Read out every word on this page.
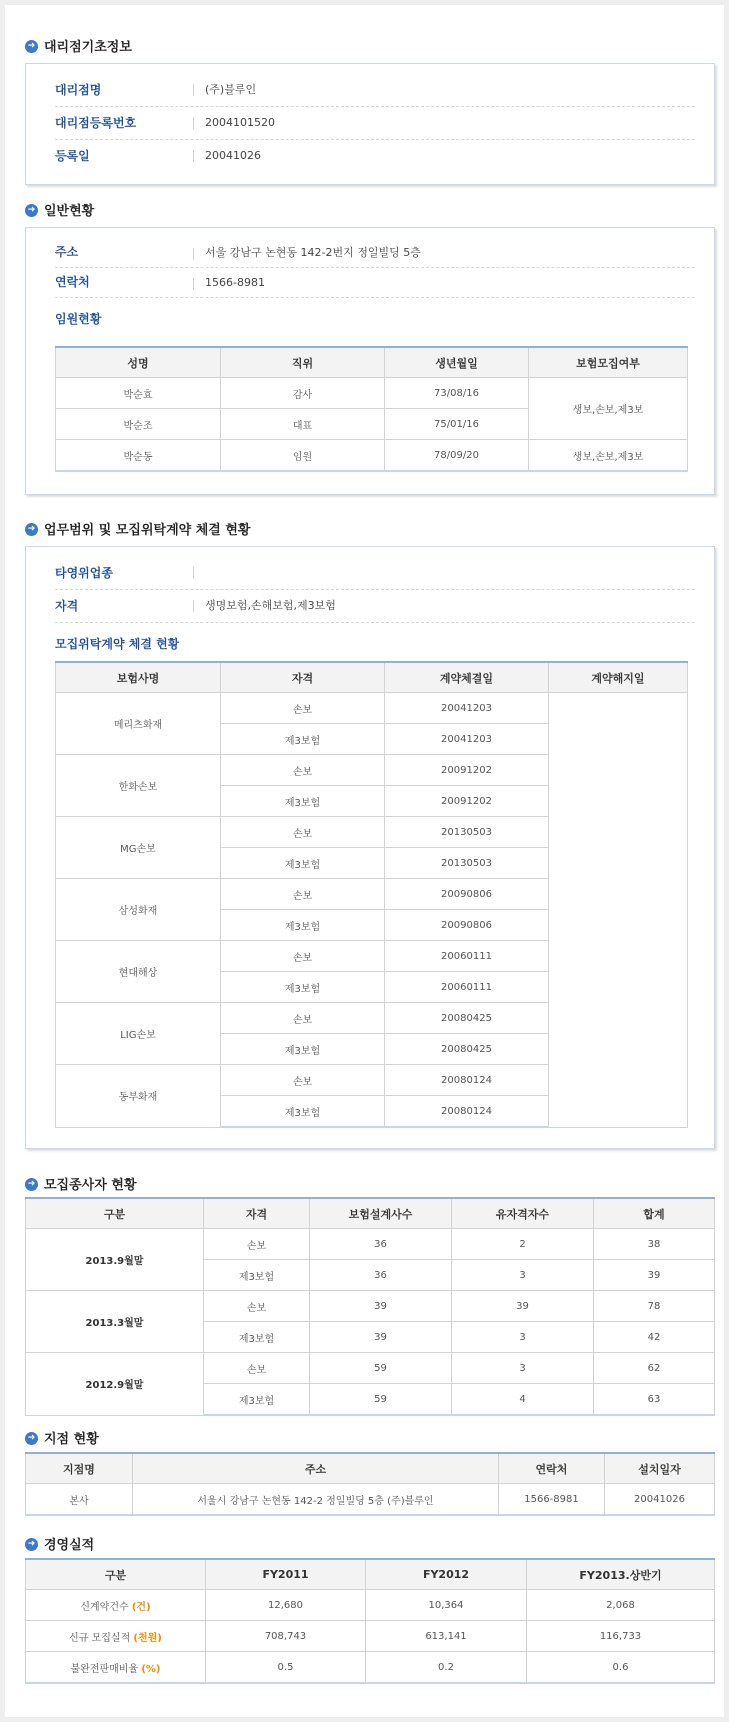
➜ 대리점기초정보
대리점명	(주)블루인
대리점등록번호	2004101520
등록일	20041026
➜ 일반현황
주소	서울 강남구 논현동 142-2번지 정일빌딩 5층
연락처	1566-8981
임원현황
성명	직위	생년월일	보험모집여부
박순효	감사	73/08/16	생보,손보,제3보
박순조	대표	75/01/16	
박순동	임원	78/09/20	생보,손보,제3보
➜ 업무범위 및 모집위탁계약 체결 현황
타영위업종
자격	생명보험,손해보험,제3보험
모집위탁계약 체결 현황
보험사명	자격	계약체결일	계약해지일
메리츠화재	손보	20041203	
	제3보험	20041203	
한화손보	손보	20091202	
	제3보험	20091202	
MG손보	손보	20130503	
	제3보험	20130503	
삼성화재	손보	20090806	
	제3보험	20090806	
현대해상	손보	20060111	
	제3보험	20060111	
LIG손보	손보	20080425	
	제3보험	20080425	
동부화재	손보	20080124	
	제3보험	20080124	
➜ 모집종사자 현황
구분	자격	보험설계사수	유자격자수	합계
2013.9월말	손보	36	2	38
	제3보험	36	3	39
2013.3월말	손보	39	39	78
	제3보험	39	3	42
2012.9월말	손보	59	3	62
	제3보험	59	4	63
➜ 지점 현황
지점명	주소	연락처	설치일자
본사	서울시 강남구 논현동 142-2 정일빌딩 5층 (주)블루인	1566-8981	20041026
➜ 경영실적
구분	FY2011	FY2012	FY2013.상반기
신계약건수 (건)	12,680	10,364	2,068
신규 모집실적 (천원)	708,743	613,141	116,733
불완전판매비율 (%)	0.5	0.2	0.6
